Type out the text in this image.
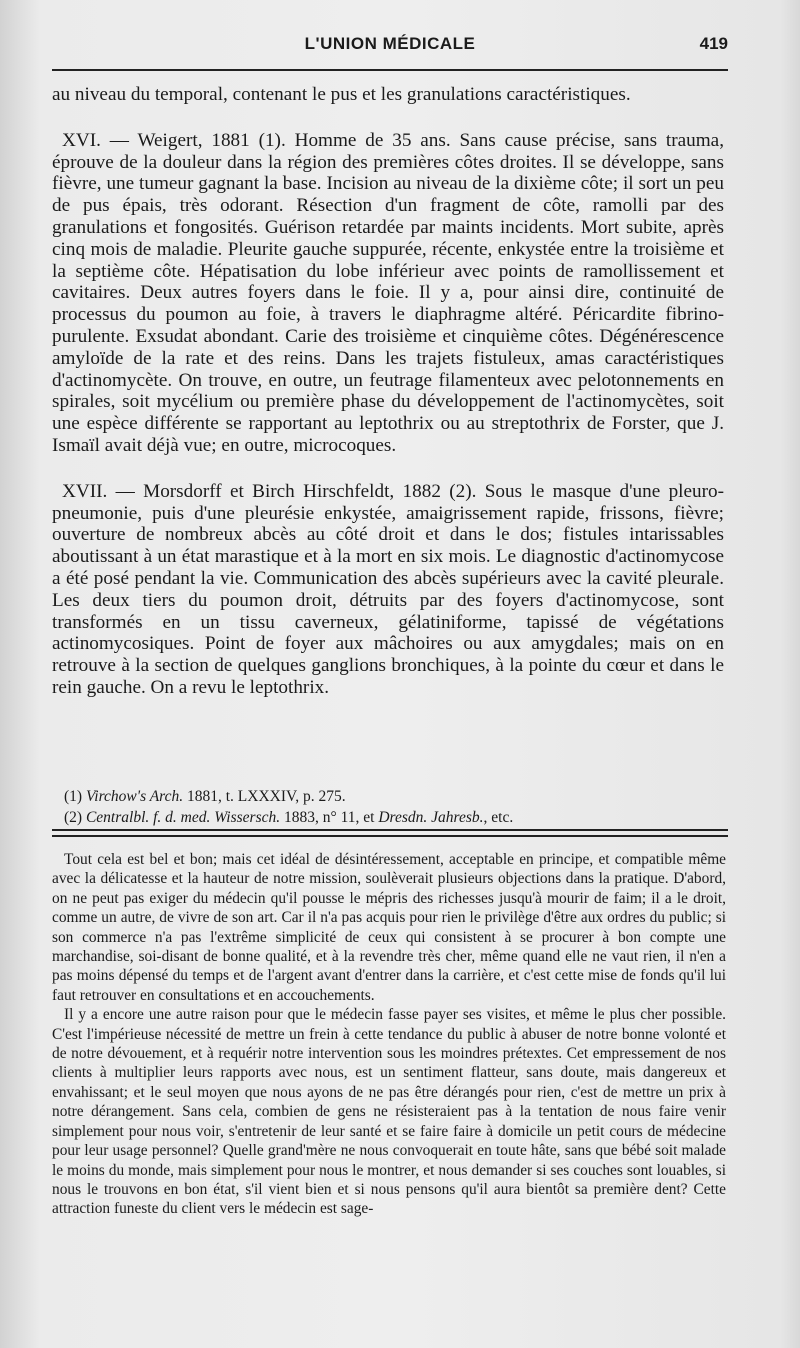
L'UNION MÉDICALE	419

au niveau du temporal, contenant le pus et les granulations caractéristiques.

XVI. — Weigert, 1881 (1). Homme de 35 ans. Sans cause précise, sans trauma, éprouve de la douleur dans la région des premières côtes droites. Il se développe, sans fièvre, une tumeur gagnant la base. Incision au niveau de la dixième côte; il sort un peu de pus épais, très odorant. Résection d'un fragment de côte, ramolli par des granulations et fongosités. Guérison retardée par maints incidents. Mort subite, après cinq mois de maladie. Pleurite gauche suppurée, récente, enkystée entre la troisième et la septième côte. Hépatisation du lobe inférieur avec points de ramollissement et cavitaires. Deux autres foyers dans le foie. Il y a, pour ainsi dire, continuité de processus du poumon au foie, à travers le diaphragme altéré. Péricardite fibrino-purulente. Exsudat abondant. Carie des troisième et cinquième côtes. Dégénérescence amyloïde de la rate et des reins. Dans les trajets fistuleux, amas caractéristiques d'actinomycète. On trouve, en outre, un feutrage filamenteux avec pelotonnements en spirales, soit mycélium ou première phase du développement de l'actinomycètes, soit une espèce différente se rapportant au leptothrix ou au streptothrix de Forster, que J. Ismaïl avait déjà vue; en outre, microcoques.

XVII. — Morsdorff et Birch Hirschfeldt, 1882 (2). Sous le masque d'une pleuro-pneumonie, puis d'une pleurésie enkystée, amaigrissement rapide, frissons, fièvre; ouverture de nombreux abcès au côté droit et dans le dos; fistules intarissables aboutissant à un état marastique et à la mort en six mois. Le diagnostic d'actinomycose a été posé pendant la vie. Communication des abcès supérieurs avec la cavité pleurale. Les deux tiers du poumon droit, détruits par des foyers d'actinomycose, sont transformés en un tissu caverneux, gélatiniforme, tapissé de végétations actinomycosiques. Point de foyer aux mâchoires ou aux amygdales; mais on en retrouve à la section de quelques ganglions bronchiques, à la pointe du cœur et dans le rein gauche. On a revu le leptothrix.

(1) Virchow's Arch. 1881, t. LXXXIV, p. 275.
(2) Centralbl. f. d. med. Wissersch. 1883, n° 11, et Dresdn. Jahresb., etc.

Tout cela est bel et bon; mais cet idéal de désintéressement, acceptable en principe, et compatible même avec la délicatesse et la hauteur de notre mission, soulèverait plusieurs objections dans la pratique. D'abord, on ne peut pas exiger du médecin qu'il pousse le mépris des richesses jusqu'à mourir de faim; il a le droit, comme un autre, de vivre de son art. Car il n'a pas acquis pour rien le privilège d'être aux ordres du public; si son commerce n'a pas l'extrême simplicité de ceux qui consistent à se procurer à bon compte une marchandise, soi-disant de bonne qualité, et à la revendre très cher, même quand elle ne vaut rien, il n'en a pas moins dépensé du temps et de l'argent avant d'entrer dans la carrière, et c'est cette mise de fonds qu'il lui faut retrouver en consultations et en accouchements.

Il y a encore une autre raison pour que le médecin fasse payer ses visites, et même le plus cher possible. C'est l'impérieuse nécessité de mettre un frein à cette tendance du public à abuser de notre bonne volonté et de notre dévouement, et à requérir notre intervention sous les moindres prétextes. Cet empressement de nos clients à multiplier leurs rapports avec nous, est un sentiment flatteur, sans doute, mais dangereux et envahissant; et le seul moyen que nous ayons de ne pas être dérangés pour rien, c'est de mettre un prix à notre dérangement. Sans cela, combien de gens ne résisteraient pas à la tentation de nous faire venir simplement pour nous voir, s'entretenir de leur santé et se faire faire à domicile un petit cours de médecine pour leur usage personnel? Quelle grand'mère ne nous convoquerait en toute hâte, sans que bébé soit malade le moins du monde, mais simplement pour nous le montrer, et nous demander si ses couches sont louables, si nous le trouvons en bon état, s'il vient bien et si nous pensons qu'il aura bientôt sa première dent? Cette attraction funeste du client vers le médecin est sage-
